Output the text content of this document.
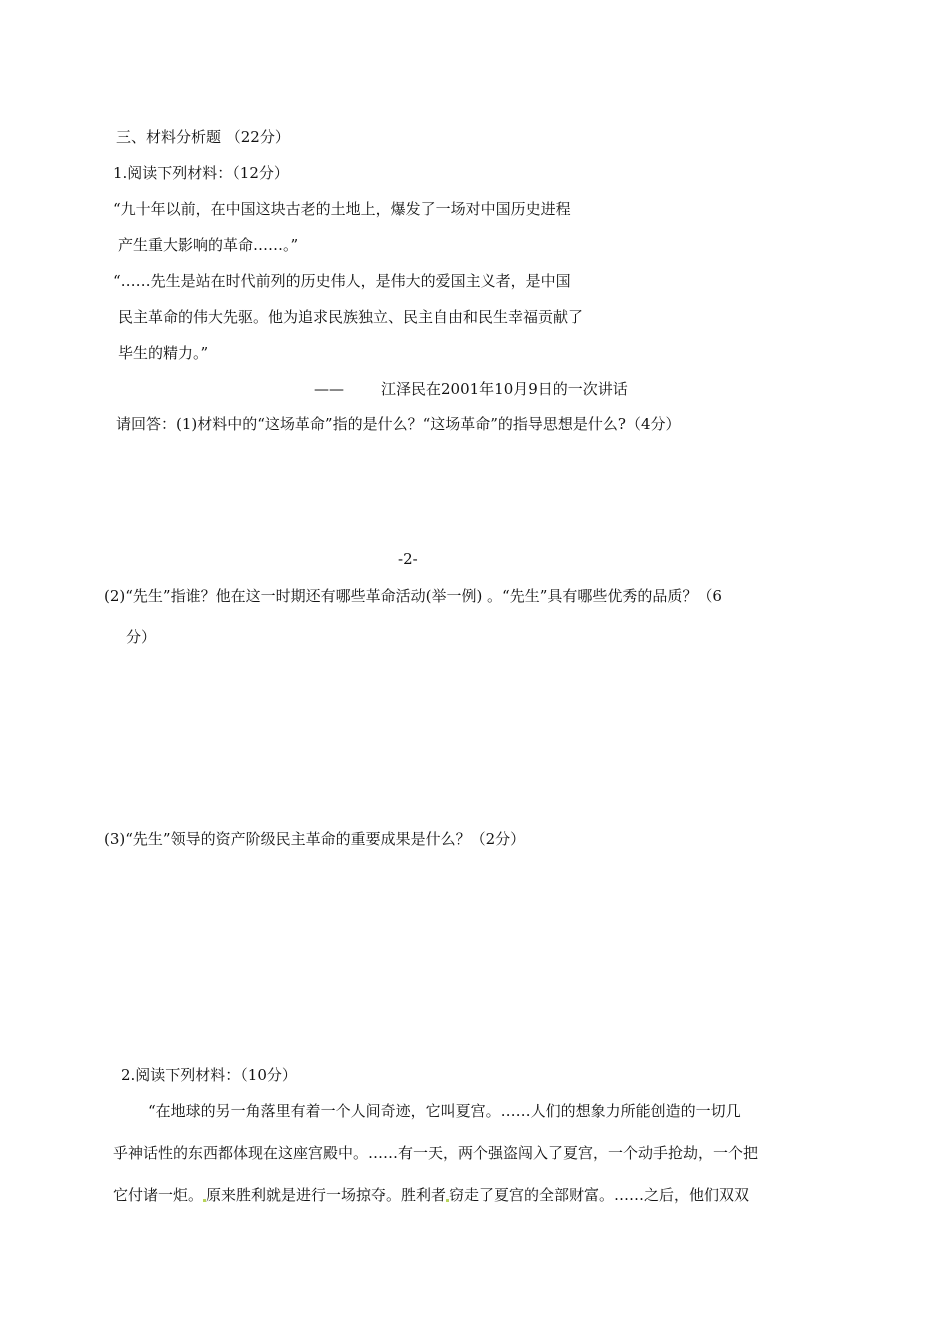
三、材料分析题 （22分）
1.阅读下列材料：（12分）
“九十年以前，在中国这块古老的土地上，爆发了一场对中国历史进程
产生重大影响的革命……。”
“……先生是站在时代前列的历史伟人，是伟大的爱国主义者，是中国
民主革命的伟大先驱。他为追求民族独立、民主自由和民生幸福贡献了
毕生的精力。”
—— 江泽民在2001年10月9日的一次讲话
请回答：(1)材料中的“这场革命”指的是什么？“这场革命”的指导思想是什么?（4分）
-2-
(2)“先生”指谁？他在这一时期还有哪些革命活动(举一例) 。“先生”具有哪些优秀的品质？（6
分）
(3)“先生”领导的资产阶级民主革命的重要成果是什么？（2分）
2.阅读下列材料：（10分）
“在地球的另一角落里有着一个人间奇迹，它叫夏宫。……人们的想象力所能创造的一切几
乎神话性的东西都体现在这座宫殿中。……有一天，两个强盗闯入了夏宫，一个动手抢劫，一个把
它付诸一炬。 原来胜利就是进行一场掠夺。胜利者 窃走了夏宫的全部财富。……之后，他们双双
